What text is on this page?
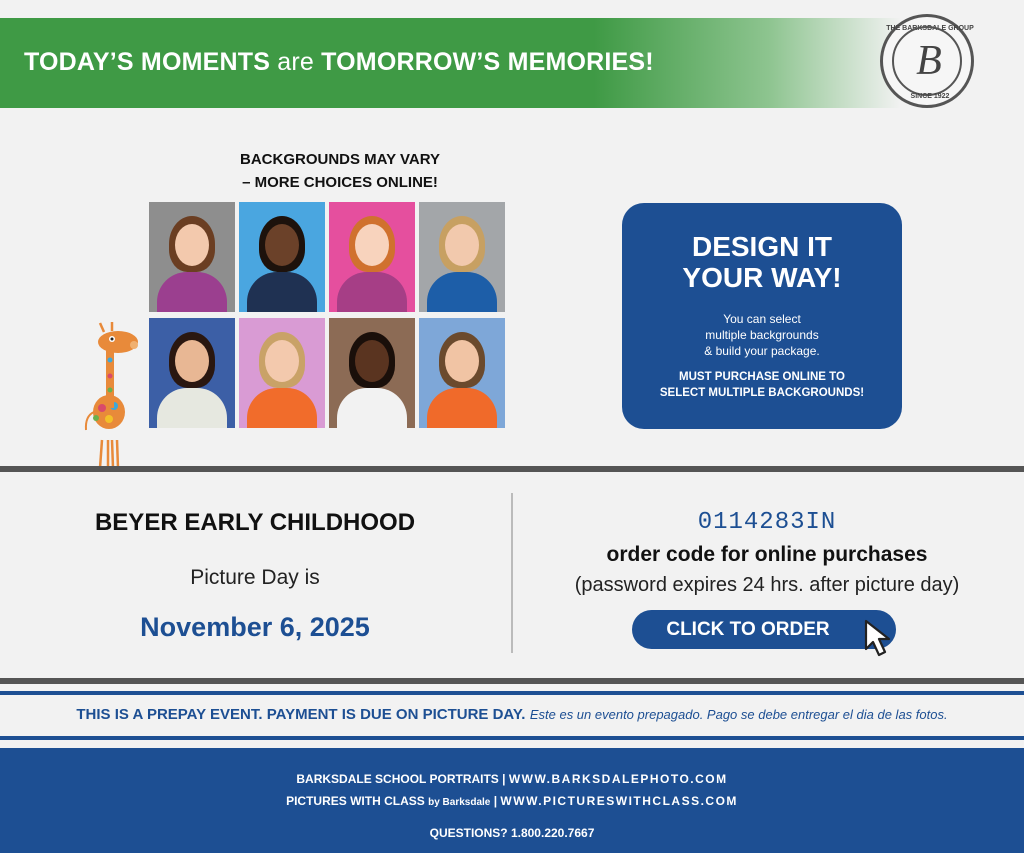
TODAY’S MOMENTS are TOMORROW’S MEMORIES!
THE BARKSDALE GROUP
B
SINCE 1922
BACKGROUNDS MAY VARY
– MORE CHOICES ONLINE!
DESIGN IT
YOUR WAY!
You can select
multiple backgrounds
& build your package.
MUST PURCHASE ONLINE TO
SELECT MULTIPLE BACKGROUNDS!
BEYER EARLY CHILDHOOD
Picture Day is
November 6, 2025
0114283IN
order code for online purchases
(password expires 24 hrs. after picture day)
CLICK TO ORDER
THIS IS A PREPAY EVENT. PAYMENT IS DUE ON PICTURE DAY. Este es un evento prepagado. Pago se debe entregar el dia de las fotos.
BARKSDALE SCHOOL PORTRAITS | WWW.BARKSDALEPHOTO.COM
PICTURES WITH CLASS by Barksdale | WWW.PICTURESWITHCLASS.COM
QUESTIONS? 1.800.220.7667
